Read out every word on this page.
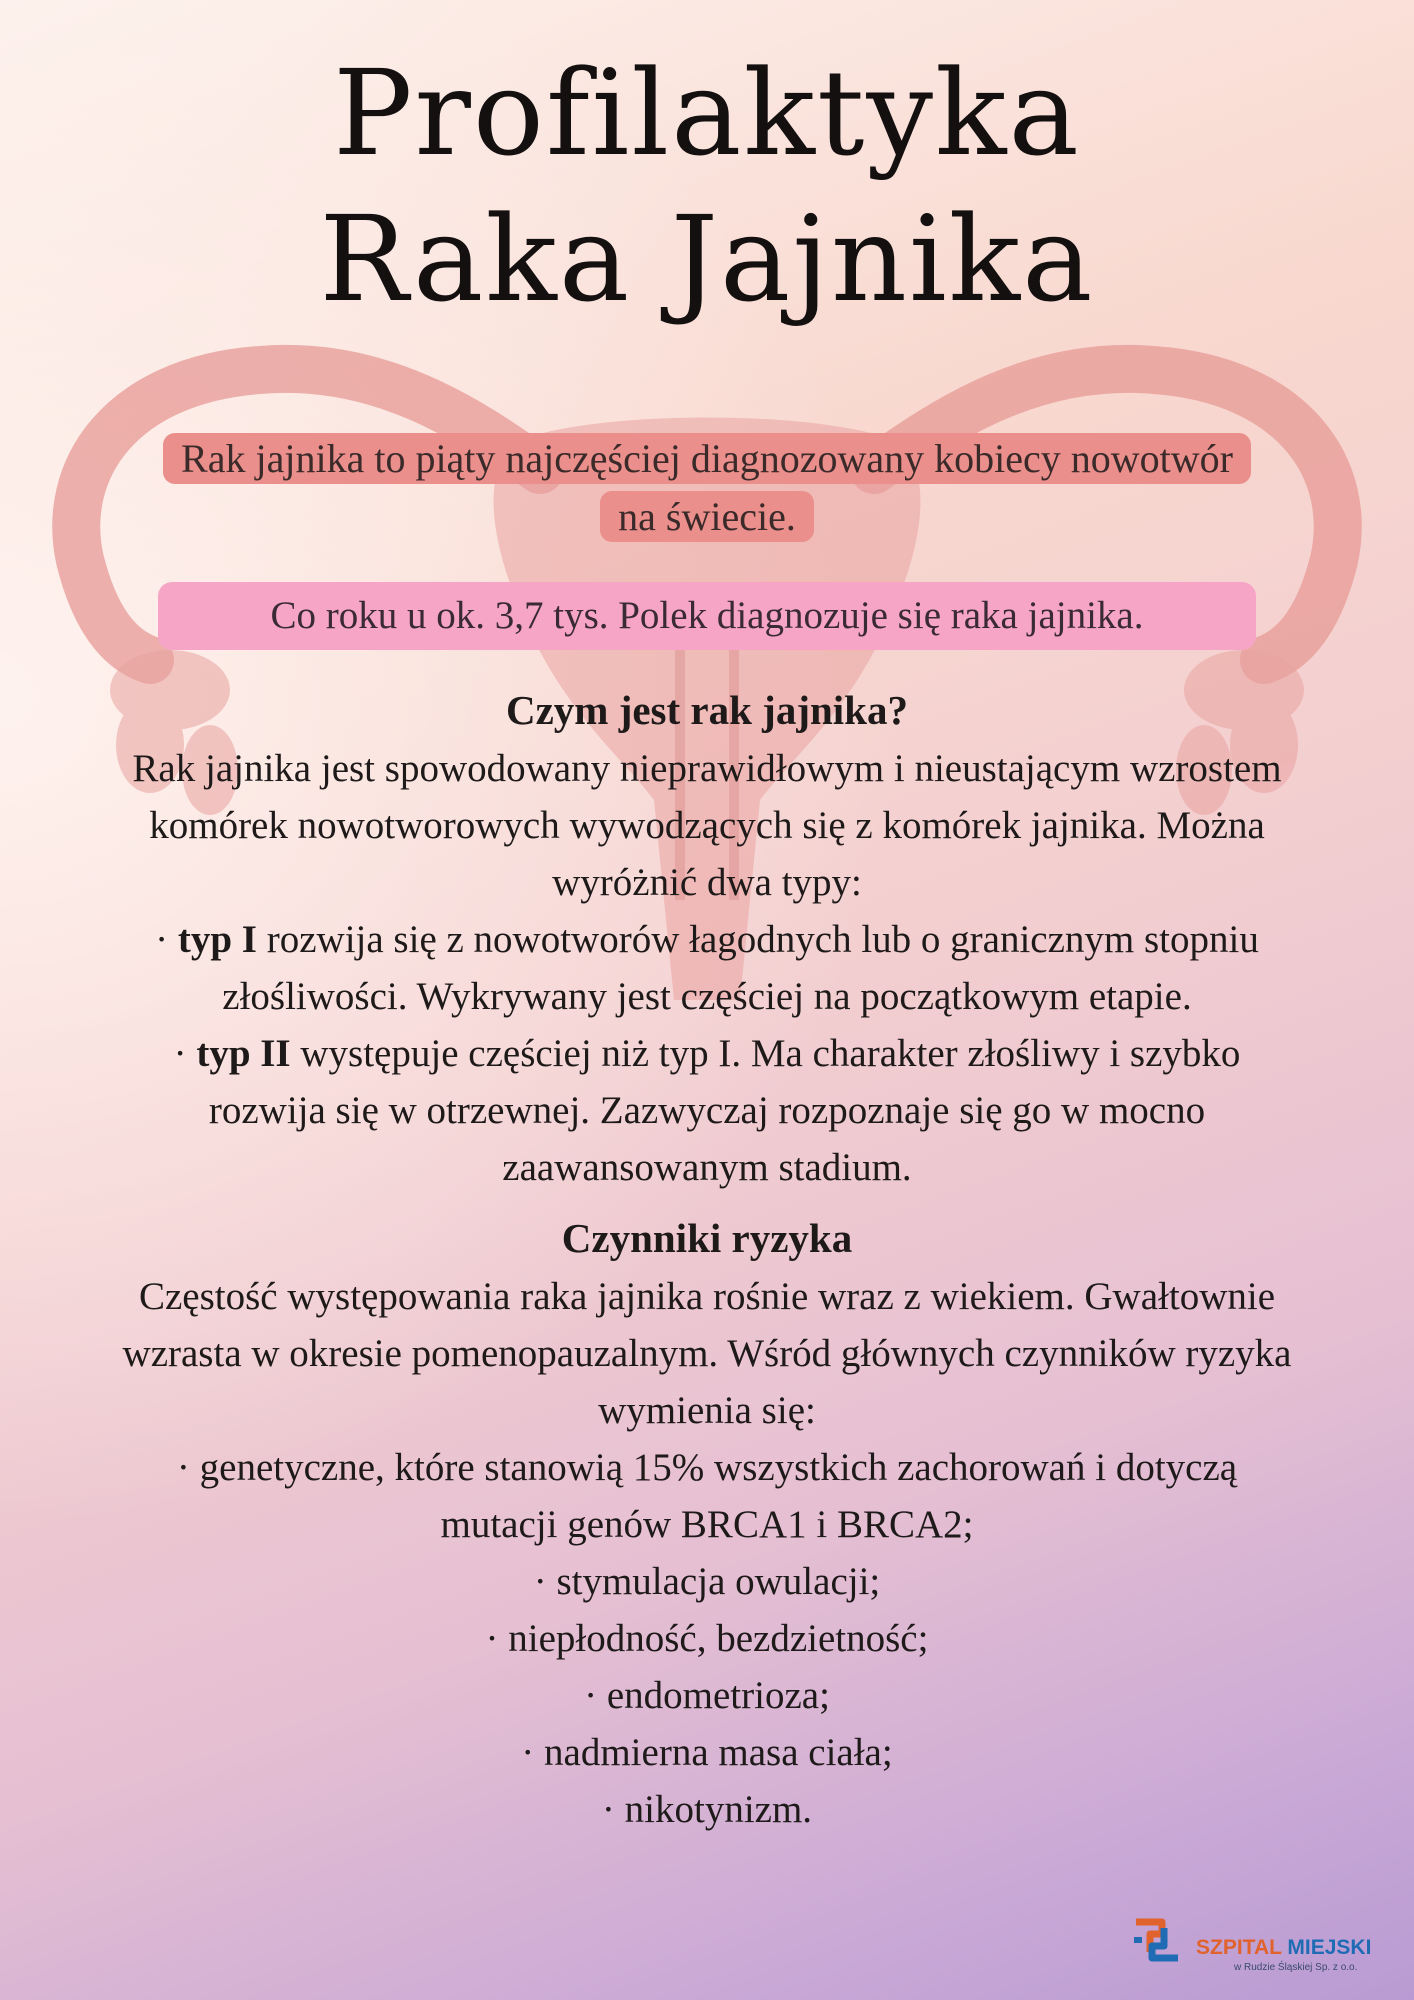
Profilaktyka
Raka Jajnika
Rak jajnika to piąty najczęściej diagnozowany kobiecy nowotwór na świecie.
Co roku u ok. 3,7 tys. Polek diagnozuje się raka jajnika.
Czym jest rak jajnika?

Rak jajnika jest spowodowany nieprawidłowym i nieustającym wzrostem komórek nowotworowych wywodzących się z komórek jajnika. Można wyróżnić dwa typy:

· typ I rozwija się z nowotworów łagodnych lub o granicznym stopniu złośliwości. Wykrywany jest częściej na początkowym etapie.

· typ II występuje częściej niż typ I. Ma charakter złośliwy i szybko rozwija się w otrzewnej. Zazwyczaj rozpoznaje się go w mocno zaawansowanym stadium.

Czynniki ryzyka

Częstość występowania raka jajnika rośnie wraz z wiekiem. Gwałtownie wzrasta w okresie pomenopauzalnym. Wśród głównych czynników ryzyka wymienia się:

· genetyczne, które stanowią 15% wszystkich zachorowań i dotyczą mutacji genów BRCA1 i BRCA2;

· stymulacja owulacji;

· niepłodność, bezdzietność;

· endometrioza;

· nadmierna masa ciała;

· nikotynizm.

SZPITAL MIEJSKI
w Rudzie Śląskiej Sp. z o.o.
